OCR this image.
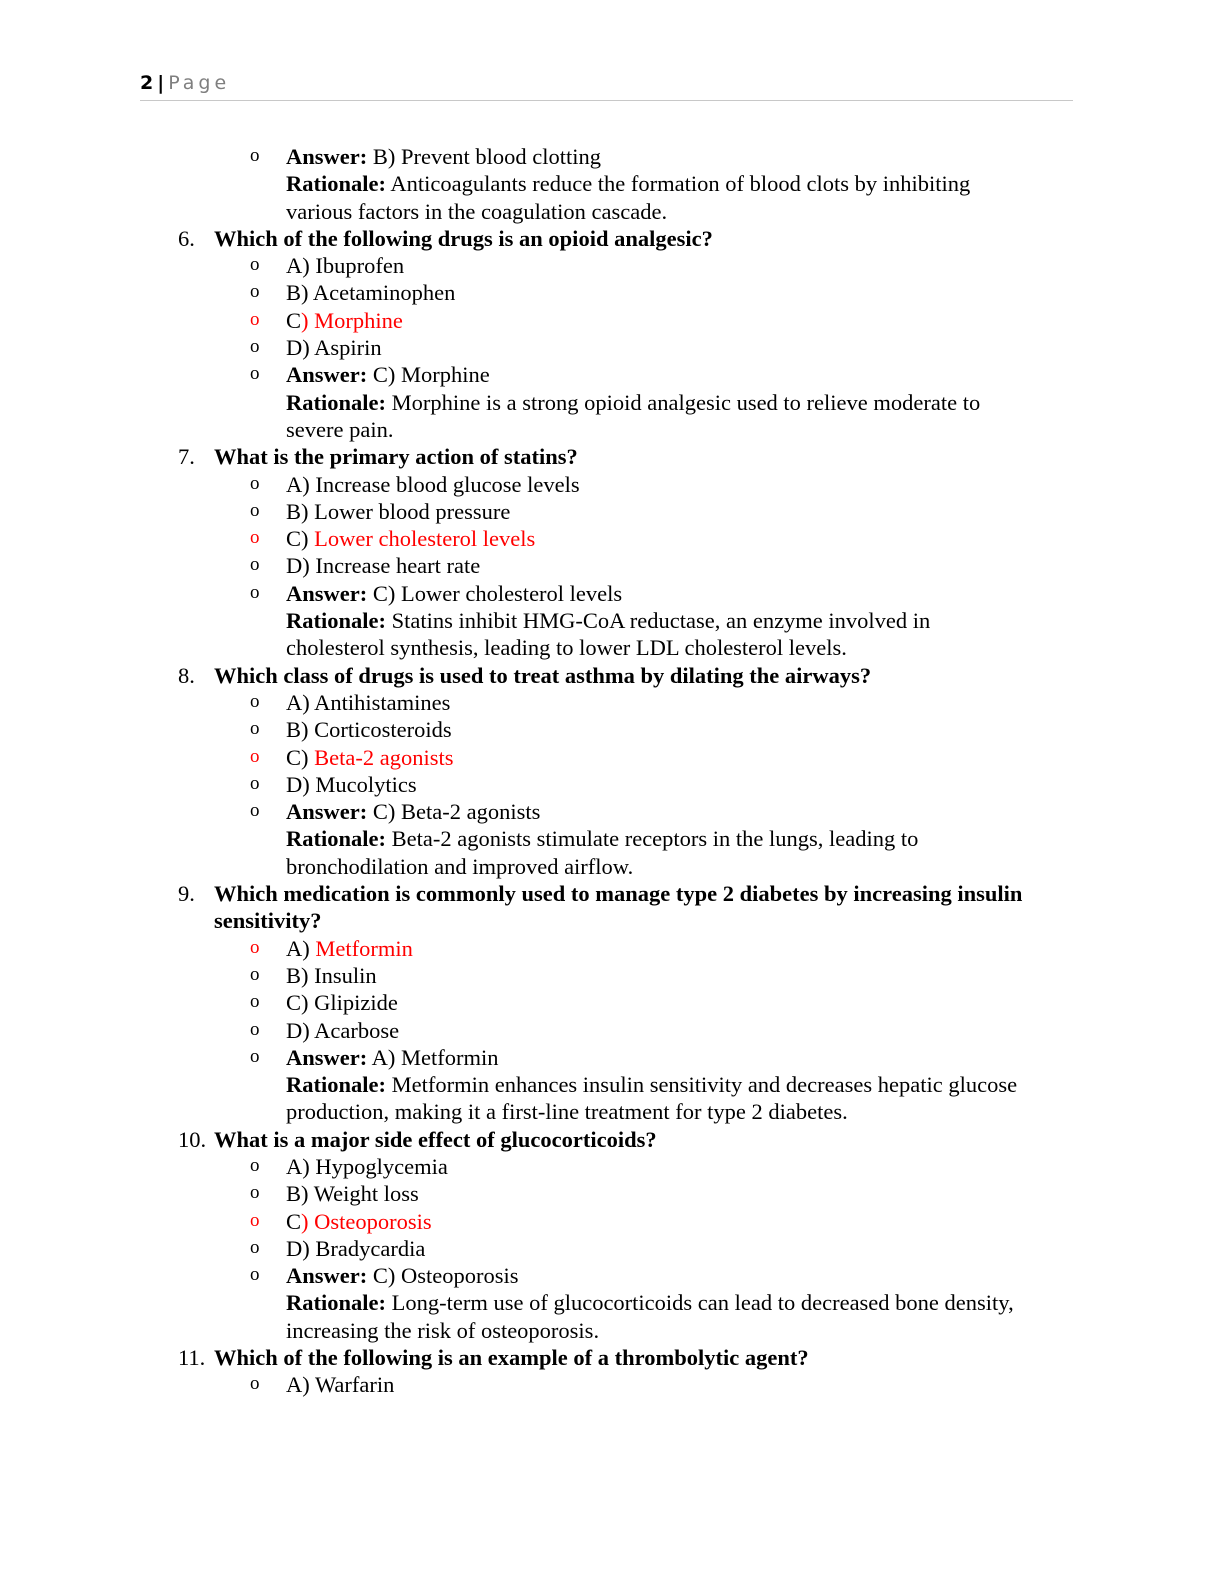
2 | Page
o Answer: B) Prevent blood clotting
Rationale: Anticoagulants reduce the formation of blood clots by inhibiting
various factors in the coagulation cascade.
6. Which of the following drugs is an opioid analgesic?
o A) Ibuprofen
o B) Acetaminophen
o C) Morphine
o D) Aspirin
o Answer: C) Morphine
Rationale: Morphine is a strong opioid analgesic used to relieve moderate to
severe pain.
7. What is the primary action of statins?
o A) Increase blood glucose levels
o B) Lower blood pressure
o C) Lower cholesterol levels
o D) Increase heart rate
o Answer: C) Lower cholesterol levels
Rationale: Statins inhibit HMG-CoA reductase, an enzyme involved in
cholesterol synthesis, leading to lower LDL cholesterol levels.
8. Which class of drugs is used to treat asthma by dilating the airways?
o A) Antihistamines
o B) Corticosteroids
o C) Beta-2 agonists
o D) Mucolytics
o Answer: C) Beta-2 agonists
Rationale: Beta-2 agonists stimulate receptors in the lungs, leading to
bronchodilation and improved airflow.
9. Which medication is commonly used to manage type 2 diabetes by increasing insulin
sensitivity?
o A) Metformin
o B) Insulin
o C) Glipizide
o D) Acarbose
o Answer: A) Metformin
Rationale: Metformin enhances insulin sensitivity and decreases hepatic glucose
production, making it a first-line treatment for type 2 diabetes.
10. What is a major side effect of glucocorticoids?
o A) Hypoglycemia
o B) Weight loss
o C) Osteoporosis
o D) Bradycardia
o Answer: C) Osteoporosis
Rationale: Long-term use of glucocorticoids can lead to decreased bone density,
increasing the risk of osteoporosis.
11. Which of the following is an example of a thrombolytic agent?
o A) Warfarin
